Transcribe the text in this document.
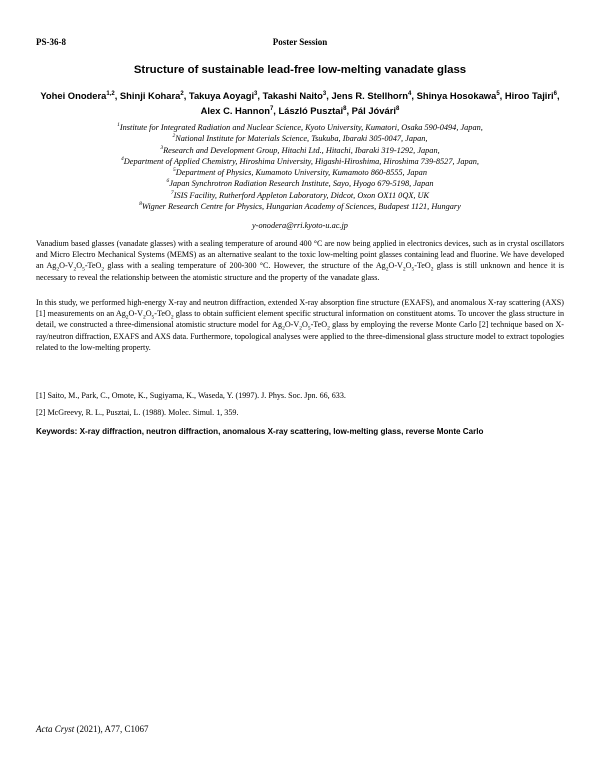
PS-36-8	Poster Session
Structure of sustainable lead-free low-melting vanadate glass
Yohei Onodera$^{1,2}$, Shinji Kohara$^2$, Takuya Aoyagi$^3$, Takashi Naito$^3$, Jens R. Stellhorn$^4$, Shinya Hosokawa$^5$, Hiroo Tajiri$^6$, Alex C. Hannon$^7$, László Pusztai$^8$, Pál Jóvári$^8$
$^1$Institute for Integrated Radiation and Nuclear Science, Kyoto University, Kumatori, Osaka 590-0494, Japan,
$^2$National Institute for Materials Science, Tsukuba, Ibaraki 305-0047, Japan,
$^3$Research and Development Group, Hitachi Ltd., Hitachi, Ibaraki 319-1292, Japan,
$^4$Department of Applied Chemistry, Hiroshima University, Higashi-Hiroshima, Hiroshima 739-8527, Japan,
$^5$Department of Physics, Kumamoto University, Kumamoto 860-8555, Japan
$^6$Japan Synchrotron Radiation Research Institute, Sayo, Hyogo 679-5198, Japan
$^7$ISIS Facility, Rutherford Appleton Laboratory, Didcot, Oxon OX11 0QX, UK
$^8$Wigner Research Centre for Physics, Hungarian Academy of Sciences, Budapest 1121, Hungary
y-onodera@rri.kyoto-u.ac.jp
Vanadium based glasses (vanadate glasses) with a sealing temperature of around 400 °C are now being applied in electronics devices, such as in crystal oscillators and Micro Electro Mechanical Systems (MEMS) as an alternative sealant to the toxic low-melting point glasses containing lead and fluorine. We have developed an $Ag_2O-V_2O_5-TeO_2$ glass with a sealing temperature of 200-300 °C. However, the structure of the $Ag_2O-V_2O_5-TeO_2$ glass is still unknown and hence it is necessary to reveal the relationship between the atomistic structure and the property of the vanadate glass.
In this study, we performed high-energy X-ray and neutron diffraction, extended X-ray absorption fine structure (EXAFS), and anomalous X-ray scattering (AXS) [1] measurements on an $Ag_2O-V_2O_5-TeO_2$ glass to obtain sufficient element specific structural information on constituent atoms. To uncover the glass structure in detail, we constructed a three-dimensional atomistic structure model for $Ag_2O-V_2O_5-TeO_2$ glass by employing the reverse Monte Carlo [2] technique based on X-ray/neutron diffraction, EXAFS and AXS data. Furthermore, topological analyses were applied to the three-dimensional glass structure model to extract topologies related to the low-melting property.
[1] Saito, M., Park, C., Omote, K., Sugiyama, K., Waseda, Y. (1997). J. Phys. Soc. Jpn. 66, 633.
[2] McGreevy, R. L., Pusztai, L. (1988). Molec. Simul. 1, 359.
Keywords: X-ray diffraction, neutron diffraction, anomalous X-ray scattering, low-melting glass, reverse Monte Carlo
Acta Cryst (2021), A77, C1067
